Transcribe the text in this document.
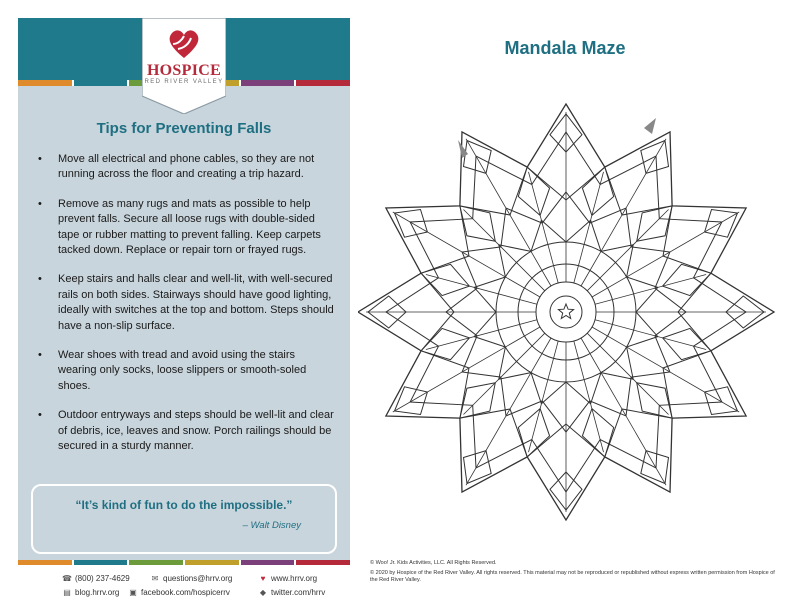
HOSPICE
RED RIVER VALLEY
Tips for Preventing Falls
• Move all electrical and phone cables, so they are not running across the floor and creating a trip hazard.
• Remove as many rugs and mats as possible to help prevent falls. Secure all loose rugs with double-sided tape or rubber matting to prevent falling. Keep carpets tacked down. Replace or repair torn or frayed rugs.
• Keep stairs and halls clear and well-lit, with well-secured rails on both sides. Stairways should have good lighting, ideally with switches at the top and bottom. Steps should have a non-slip surface.
• Wear shoes with tread and avoid using the stairs wearing only socks, loose slippers or smooth-soled shoes.
• Outdoor entryways and steps should be well-lit and clear of debris, ice, leaves and snow. Porch railings should be secured in a sturdy manner.
“It’s kind of fun to do the impossible.”
– Walt Disney
☎ (800) 237-4629	✉ questions@hrrv.org	♥ www.hrrv.org
▤ blog.hrrv.org ▣ facebook.com/hospicerrv	◆ twitter.com/hrrv
Mandala Maze
© Woo! Jr. Kids Activities, LLC. All Rights Reserved.
© 2020 by Hospice of the Red River Valley. All rights reserved. This material may not be reproduced or republished without express written permission from Hospice of the Red River Valley.
